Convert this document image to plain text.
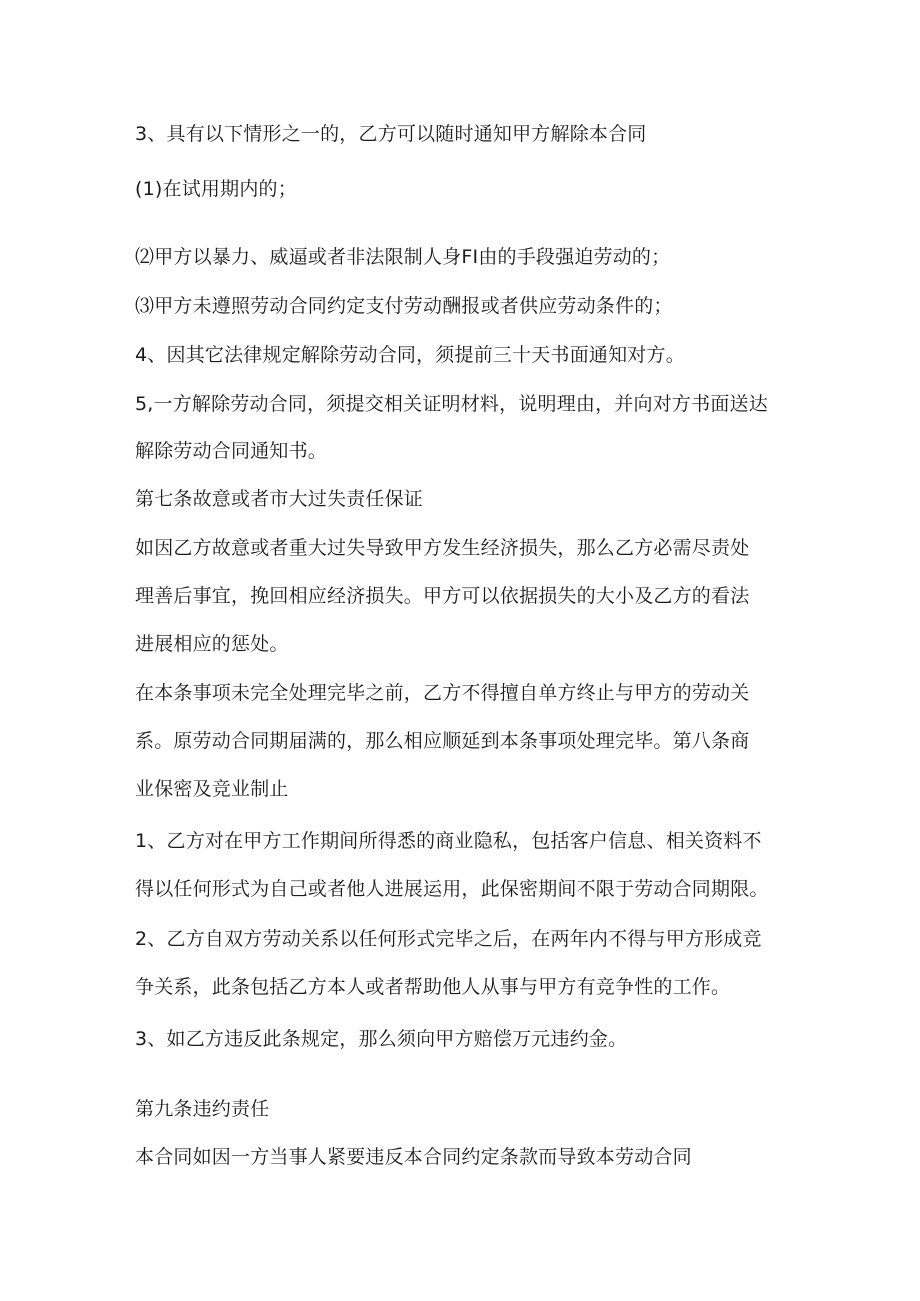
3、具有以下情形之一的，乙方可以随时通知甲方解除本合同
(1)在试用期内的；
⑵甲方以暴力、威逼或者非法限制人身FI由的手段强迫劳动的；
⑶甲方未遵照劳动合同约定支付劳动酬报或者供应劳动条件的；
4、因其它法律规定解除劳动合同，须提前三十天书面通知对方。
5,一方解除劳动合同，须提交相关证明材料，说明理由，并向对方书面送达
解除劳动合同通知书。
第七条故意或者市大过失责任保证
如因乙方故意或者重大过失导致甲方发生经济损失，那么乙方必需尽责处
理善后事宜，挽回相应经济损失。甲方可以依据损失的大小及乙方的看法
进展相应的惩处。
在本条事项未完全处理完毕之前，乙方不得擅自单方终止与甲方的劳动关
系。原劳动合同期届满的，那么相应顺延到本条事项处理完毕。第八条商
业保密及竞业制止
1、乙方对在甲方工作期间所得悉的商业隐私，包括客户信息、相关资料不
得以任何形式为自己或者他人进展运用，此保密期间不限于劳动合同期限。
2、乙方自双方劳动关系以任何形式完毕之后，在两年内不得与甲方形成竞
争关系，此条包括乙方本人或者帮助他人从事与甲方有竞争性的工作。
3、如乙方违反此条规定，那么须向甲方赔偿万元违约金。
第九条违约责任
本合同如因一方当事人紧要违反本合同约定条款而导致本劳动合同
